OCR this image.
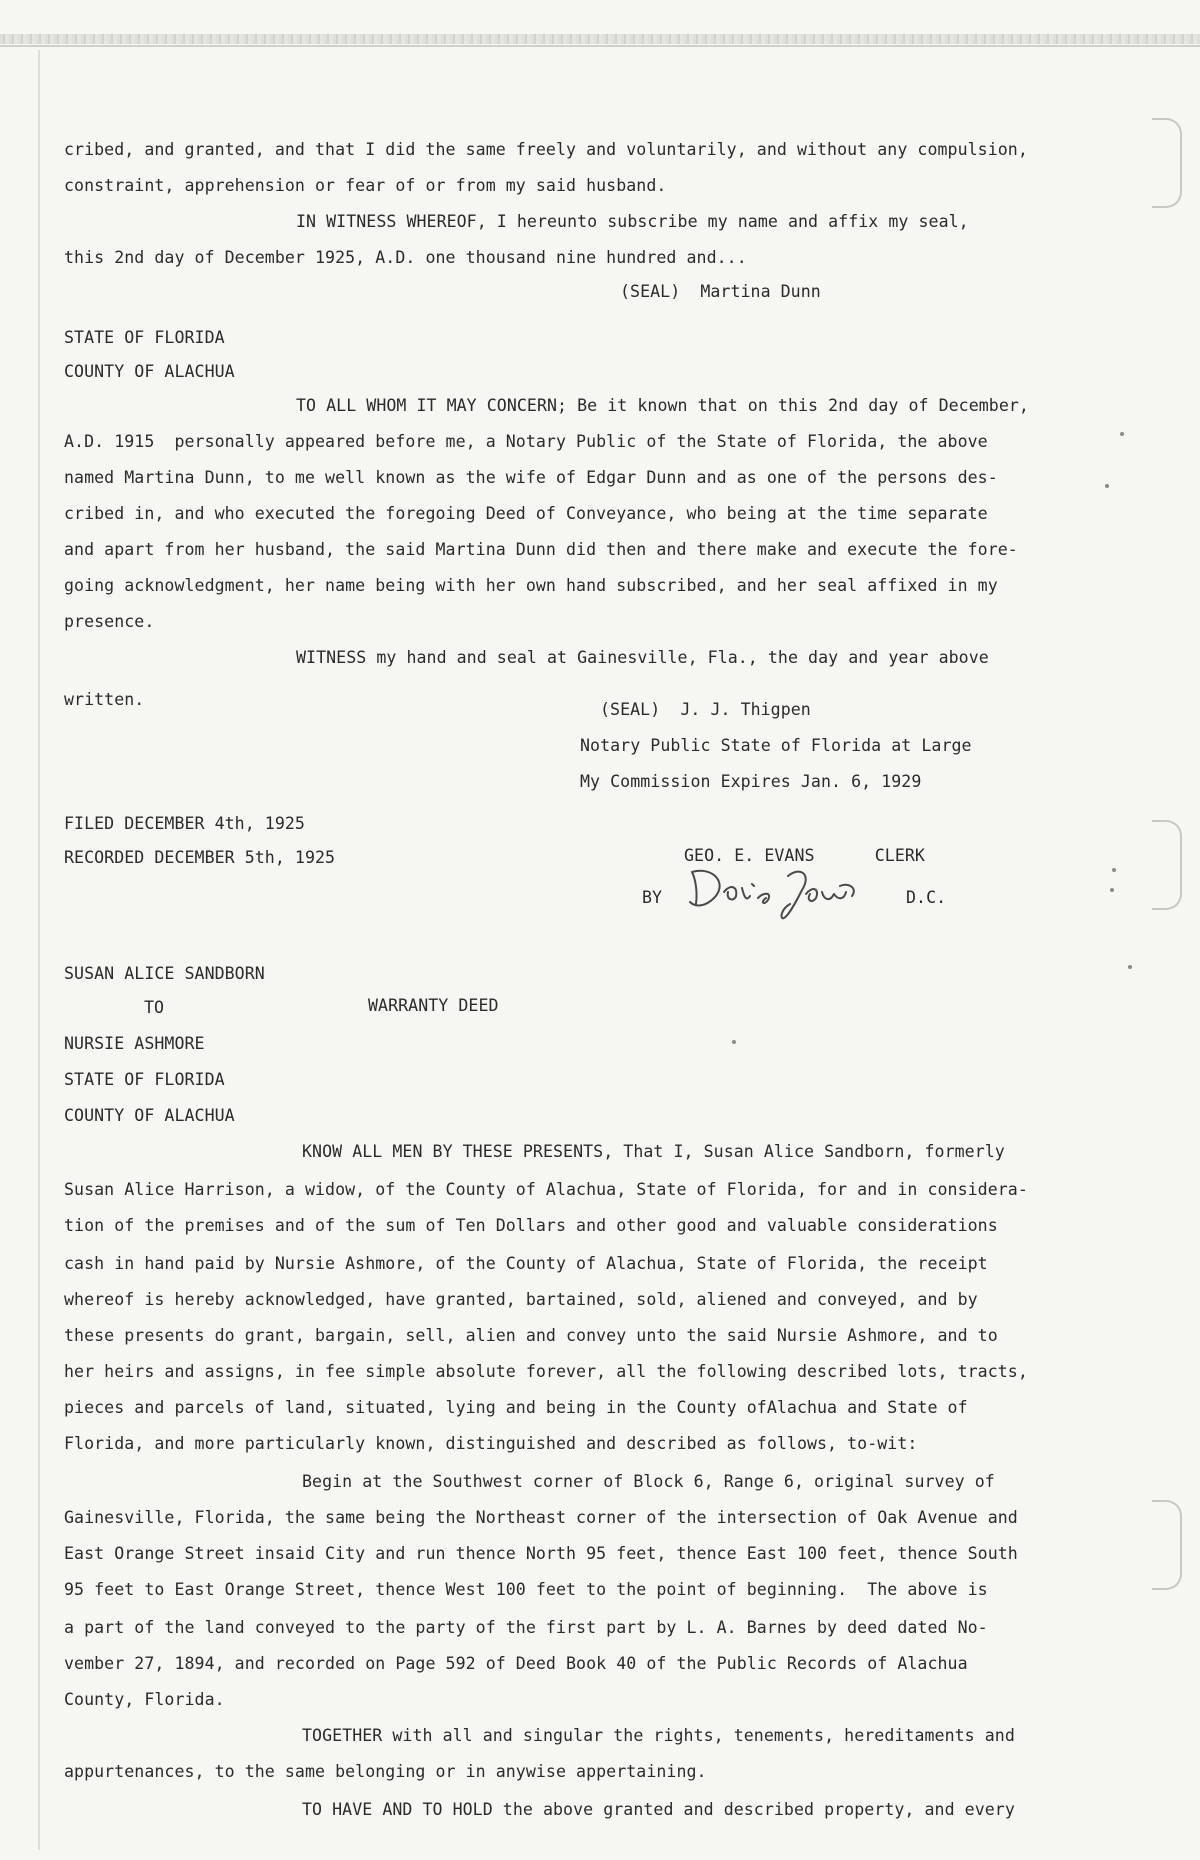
cribed, and granted, and that I did the same freely and voluntarily, and without any compulsion,
constraint, apprehension or fear of or from my said husband.
IN WITNESS WHEREOF, I hereunto subscribe my name and affix my seal,
this 2nd day of December 1925, A.D. one thousand nine hundred and...
(SEAL)  Martina Dunn
STATE OF FLORIDA
COUNTY OF ALACHUA
TO ALL WHOM IT MAY CONCERN; Be it known that on this 2nd day of December,
A.D. 1915  personally appeared before me, a Notary Public of the State of Florida, the above
named Martina Dunn, to me well known as the wife of Edgar Dunn and as one of the persons des-
cribed in, and who executed the foregoing Deed of Conveyance, who being at the time separate
and apart from her husband, the said Martina Dunn did then and there make and execute the fore-
going acknowledgment, her name being with her own hand subscribed, and her seal affixed in my
presence.
WITNESS my hand and seal at Gainesville, Fla., the day and year above
written.
(SEAL)  J. J. Thigpen
Notary Public State of Florida at Large
My Commission Expires Jan. 6, 1929
FILED DECEMBER 4th, 1925
RECORDED DECEMBER 5th, 1925	GEO. E. EVANS      CLERK
BY	D.C.
SUSAN ALICE SANDBORN
TO	WARRANTY DEED
NURSIE ASHMORE
STATE OF FLORIDA
COUNTY OF ALACHUA
KNOW ALL MEN BY THESE PRESENTS, That I, Susan Alice Sandborn, formerly
Susan Alice Harrison, a widow, of the County of Alachua, State of Florida, for and in considera-
tion of the premises and of the sum of Ten Dollars and other good and valuable considerations
cash in hand paid by Nursie Ashmore, of the County of Alachua, State of Florida, the receipt
whereof is hereby acknowledged, have granted, bartained, sold, aliened and conveyed, and by
these presents do grant, bargain, sell, alien and convey unto the said Nursie Ashmore, and to
her heirs and assigns, in fee simple absolute forever, all the following described lots, tracts,
pieces and parcels of land, situated, lying and being in the County ofAlachua and State of
Florida, and more particularly known, distinguished and described as follows, to-wit:
Begin at the Southwest corner of Block 6, Range 6, original survey of
Gainesville, Florida, the same being the Northeast corner of the intersection of Oak Avenue and
East Orange Street insaid City and run thence North 95 feet, thence East 100 feet, thence South
95 feet to East Orange Street, thence West 100 feet to the point of beginning.  The above is
a part of the land conveyed to the party of the first part by L. A. Barnes by deed dated No-
vember 27, 1894, and recorded on Page 592 of Deed Book 40 of the Public Records of Alachua
County, Florida.
TOGETHER with all and singular the rights, tenements, hereditaments and
appurtenances, to the same belonging or in anywise appertaining.
TO HAVE AND TO HOLD the above granted and described property, and every
